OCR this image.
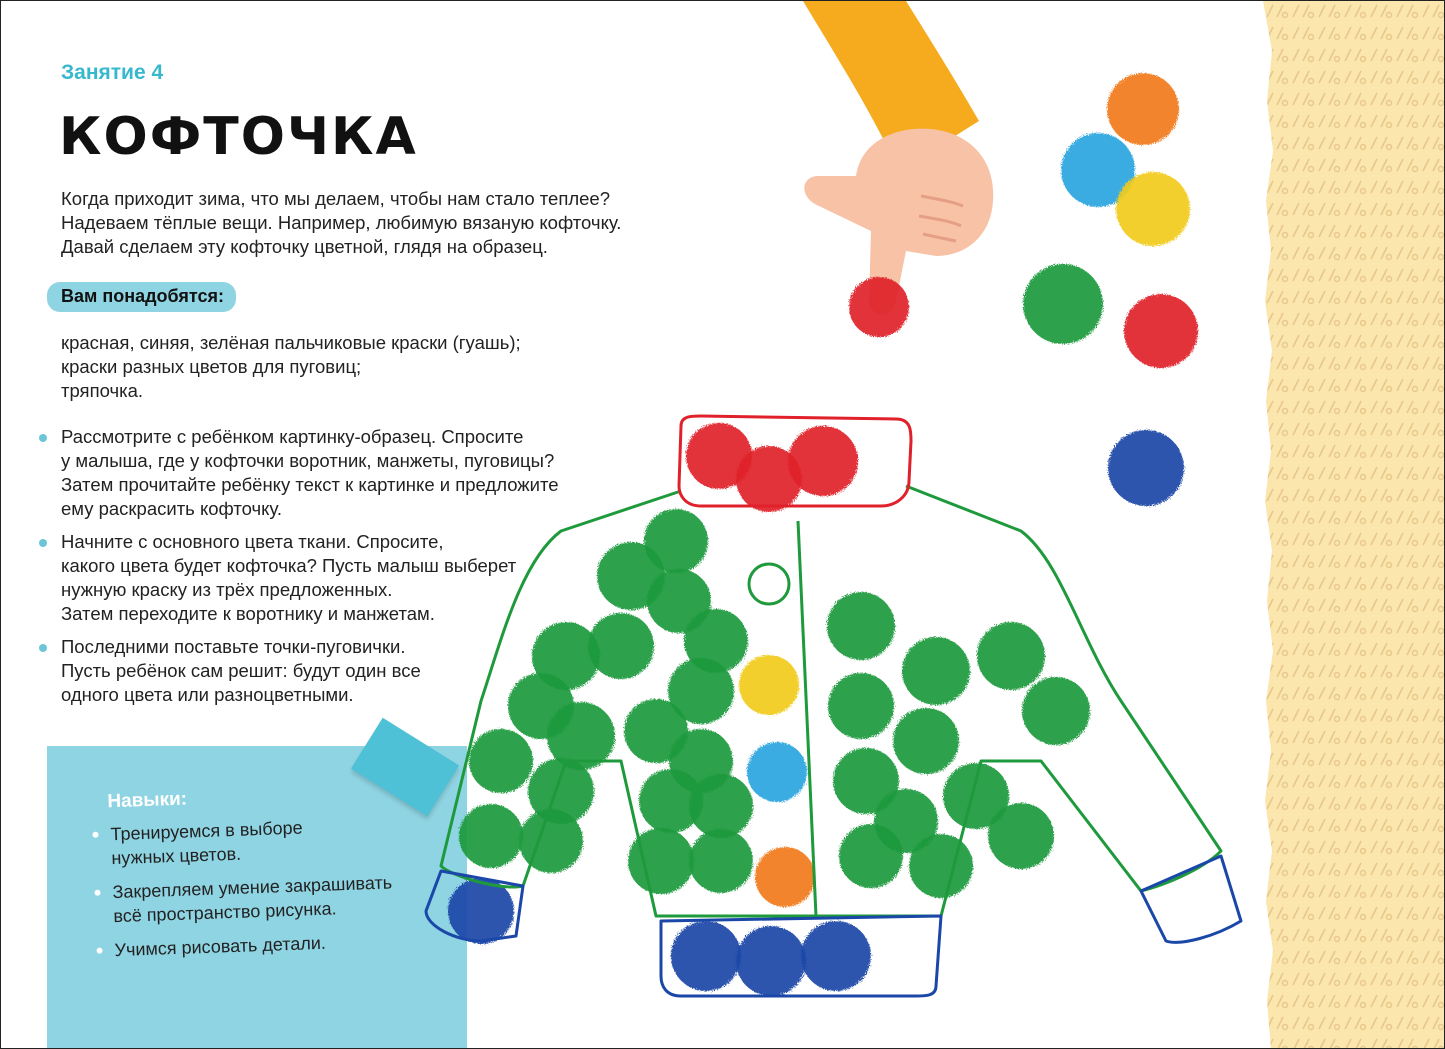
Занятие 4
КОФТОЧКА
Когда приходит зима, что мы делаем, чтобы нам стало теплее?
Надеваем тёплые вещи. Например, любимую вязаную кофточку.
Давай сделаем эту кофточку цветной, глядя на образец.
Вам понадобятся:
красная, синяя, зелёная пальчиковые краски (гуашь);
краски разных цветов для пуговиц;
тряпочка.
Рассмотрите с ребёнком картинку-образец. Спросите
у малыша, где у кофточки воротник, манжеты, пуговицы?
Затем прочитайте ребёнку текст к картинке и предложите
ему раскрасить кофточку.
Начните с основного цвета ткани. Спросите,
какого цвета будет кофточка? Пусть малыш выберет
нужную краску из трёх предложенных.
Затем переходите к воротнику и манжетам.
Последними поставьте точки-пуговички.
Пусть ребёнок сам решит: будут один все
одного цвета или разноцветными.
Навыки:
Тренируемся в выборе
нужных цветов.
Закрепляем умение закрашивать
всё пространство рисунка.
Учимся рисовать детали.
